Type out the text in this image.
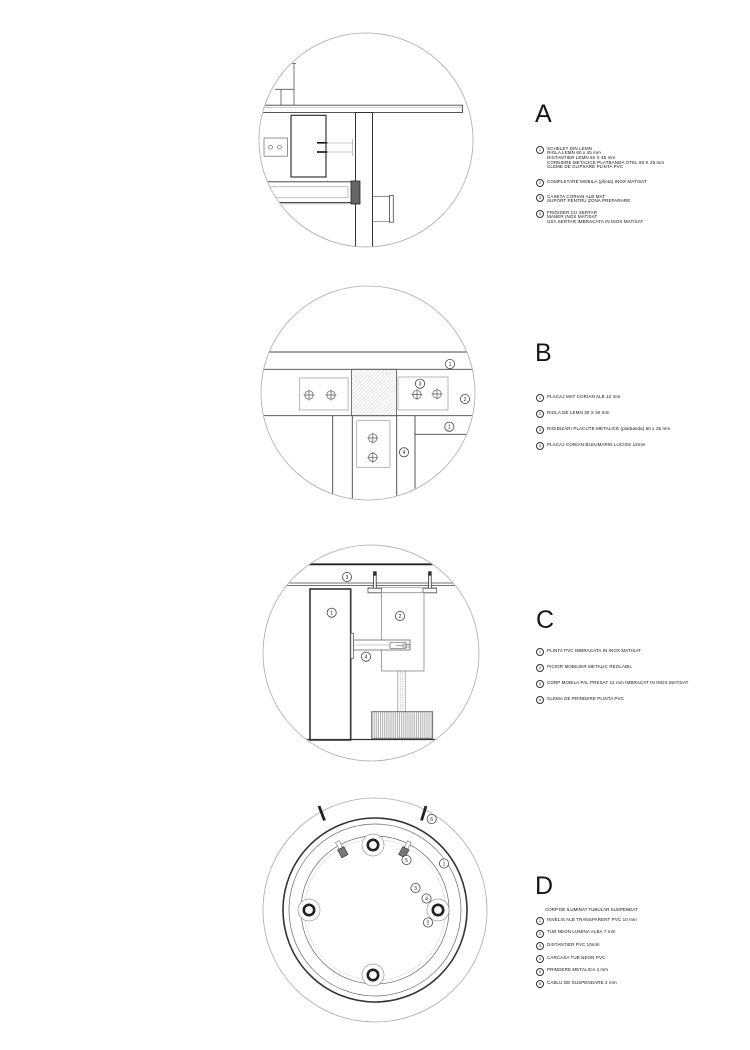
A
1	SCHELET DIN LEMN
RIGLA LEMN 60 x 45 mm
DISTANTIER LEMN 60 X 45 mm
CORNIERE METALICE PLATBANDA OTEL 60 X 25 mm
CLEME DE CLIPSARE PLINTA PVC
2	COMPLETARE MOBILA (plinta) INOX MATISAT
3	CASETA CORIAN ALB MAT
SUPORT PENTRU ZONA PREPARARE
4	FRIGIDER CU SERTAR
MANER INOX MATISAT
USA SERTAR IMBRACATA IN INOX MATISAT
1
3
2
4
1
B
1	PLACAJ MAT CORIAN ALB 12 mm
2	RIGLA DE LEMN 30 X 30 mm
3	RIGIDIZARI PLACUTE METALICE (platbanda) 60 x 25 mm
4	PLACAJ CORIAN BLEUMARIN LUCIOS 12mm
3
1
2
4
C
1	PLINTA PVC IMBRACATA IN INOX MATISAT
2	PICIOR MOBILIER METALIC REGLABIL
3	CORP MOBILA PAL PRESAT 12 mm IMBRACAT IN INOX MATISAT
4	CLEMA DE PRINDERE PLINTA PVC
6
5
1
3
4
2
D
CORP DE ILUMINAT TUBULAR SUSPENDAT
1	INVELIS ALB TRANSPARENT PVC 10 mm
2	TUB NEON LUMINA ALBA 7 mm
3	DISTANTIER PVC 10mm
4	CARCASA TUB NEON PVC
5	PRINDERE METALICA 4 mm
6	CABLU DE SUSPENDARE 2 mm
